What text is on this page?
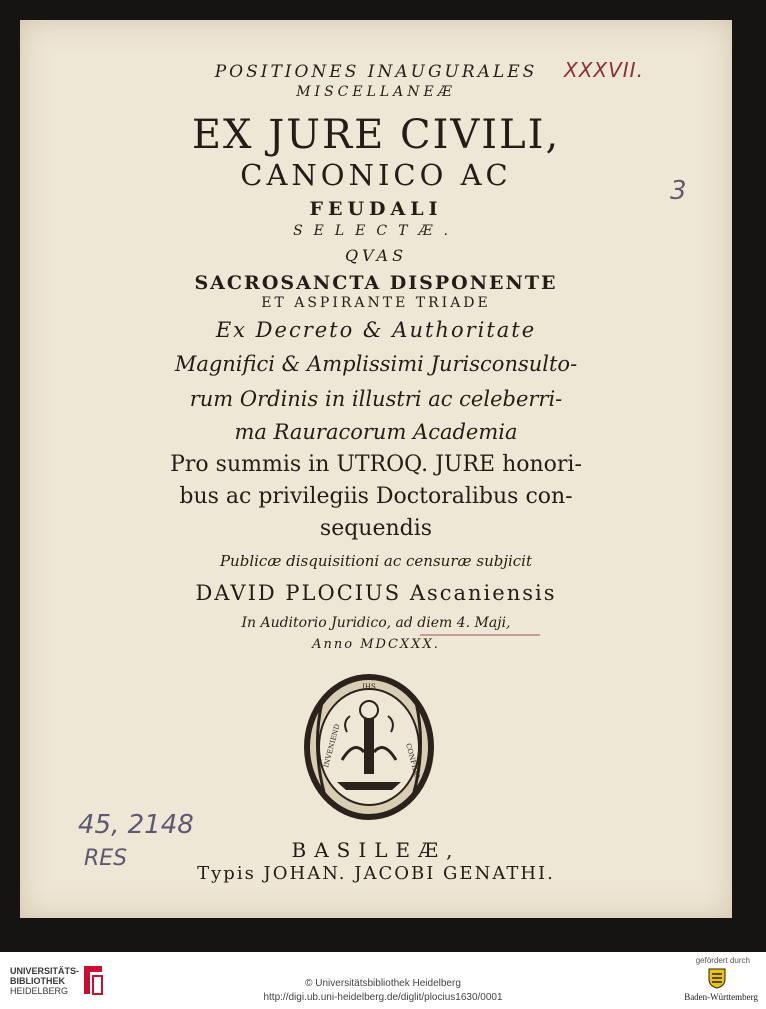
POSITIONES INAUGURALES
MISCELLANEÆ
EX JURE CIVILI,
CANONICO AC
FEUDALI
SELECTÆ.
QVAS
SACROSANCTA DISPONENTE
ET ASPIRANTE TRIADE
Ex Decreto & Authoritate
Magnifici & Amplissimi Jurisconsulto-
rum Ordinis in illustri ac celeberri-
ma Rauracorum Academia
Pro summis in UTROQ. JURE honori-
bus ac privilegiis Doctoralibus con-
sequendis
Publicæ disquisitioni ac censuræ subjicit
DAVID PLOCIUS Ascaniensis
In Auditorio Juridico, ad diem 4. Maji,
Anno MDCXXX.
IHS
CONFIDO
INVENIEND
BASILEÆ,
Typis JOHAN. JACOBI GENATHI.
XXXVII.
3
45, 2148
RES
UNIVERSITÄTS-
BIBLIOTHEK
HEIDELBERG
© Universitätsbibliothek Heidelberg
http://digi.ub.uni-heidelberg.de/diglit/plocius1630/0001
gefördert durch
Baden-Württemberg
